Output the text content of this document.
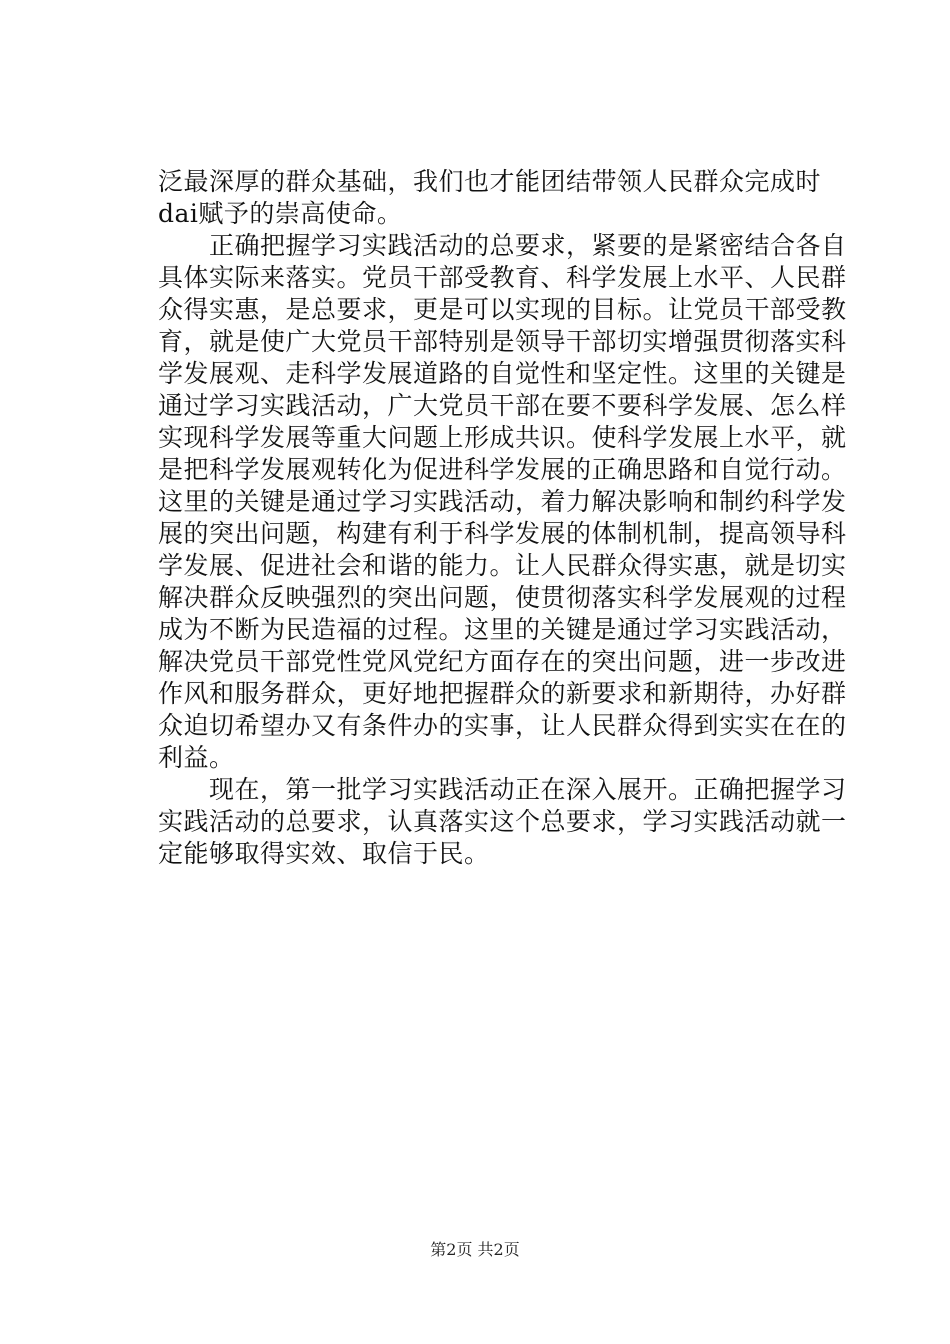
泛最深厚的群众基础，我们也才能团结带领人民群众完成时
dai赋予的崇高使命。
　　正确把握学习实践活动的总要求，紧要的是紧密结合各自
具体实际来落实。党员干部受教育、科学发展上水平、人民群
众得实惠，是总要求，更是可以实现的目标。让党员干部受教
育，就是使广大党员干部特别是领导干部切实增强贯彻落实科
学发展观、走科学发展道路的自觉性和坚定性。这里的关键是
通过学习实践活动，广大党员干部在要不要科学发展、怎么样
实现科学发展等重大问题上形成共识。使科学发展上水平，就
是把科学发展观转化为促进科学发展的正确思路和自觉行动。
这里的关键是通过学习实践活动，着力解决影响和制约科学发
展的突出问题，构建有利于科学发展的体制机制，提高领导科
学发展、促进社会和谐的能力。让人民群众得实惠，就是切实
解决群众反映强烈的突出问题，使贯彻落实科学发展观的过程
成为不断为民造福的过程。这里的关键是通过学习实践活动，
解决党员干部党性党风党纪方面存在的突出问题，进一步改进
作风和服务群众，更好地把握群众的新要求和新期待，办好群
众迫切希望办又有条件办的实事，让人民群众得到实实在在的
利益。
　　现在，第一批学习实践活动正在深入展开。正确把握学习
实践活动的总要求，认真落实这个总要求，学习实践活动就一
定能够取得实效、取信于民。
第2页 共2页
